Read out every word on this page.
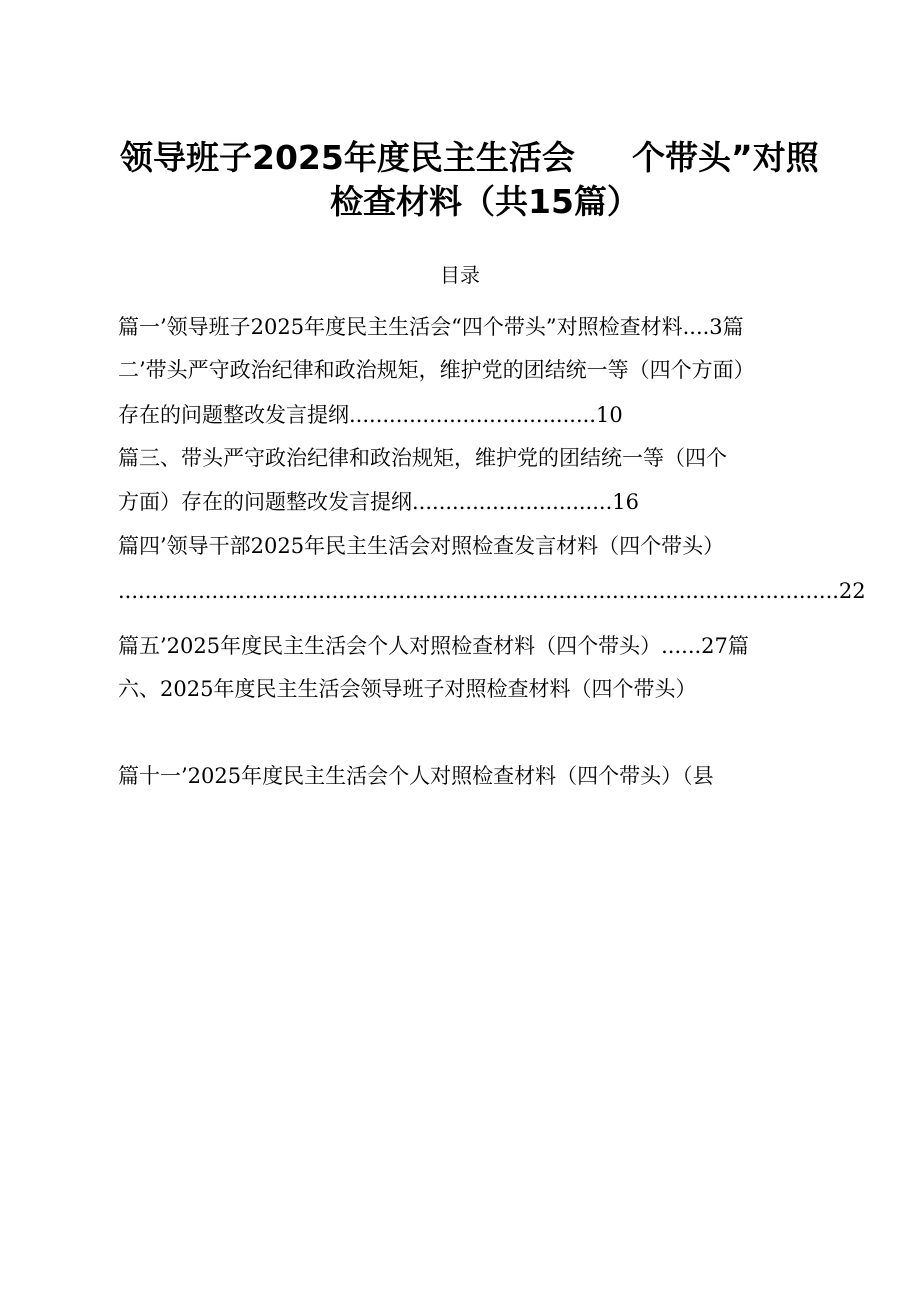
领导班子2025年度民主生活会 个带头”对照
检查材料（共15篇）
目录
篇一’领导班子2025年度民主生活会“四个带头”对照检查材料....3篇
二’带头严守政治纪律和政治规矩，维护党的团结统一等（四个方面）
存在的问题整改发言提纲.....................................10
篇三、带头严守政治纪律和政治规矩，维护党的团结统一等（四个
方面）存在的问题整改发言提纲..............................16
篇四’领导干部2025年民主生活会对照检查发言材料（四个带头）
............................................................................................................22
篇五’2025年度民主生活会个人对照检查材料（四个带头）......27篇
六、2025年度民主生活会领导班子对照检查材料（四个带头）
篇十一’2025年度民主生活会个人对照检查材料（四个带头）（县
